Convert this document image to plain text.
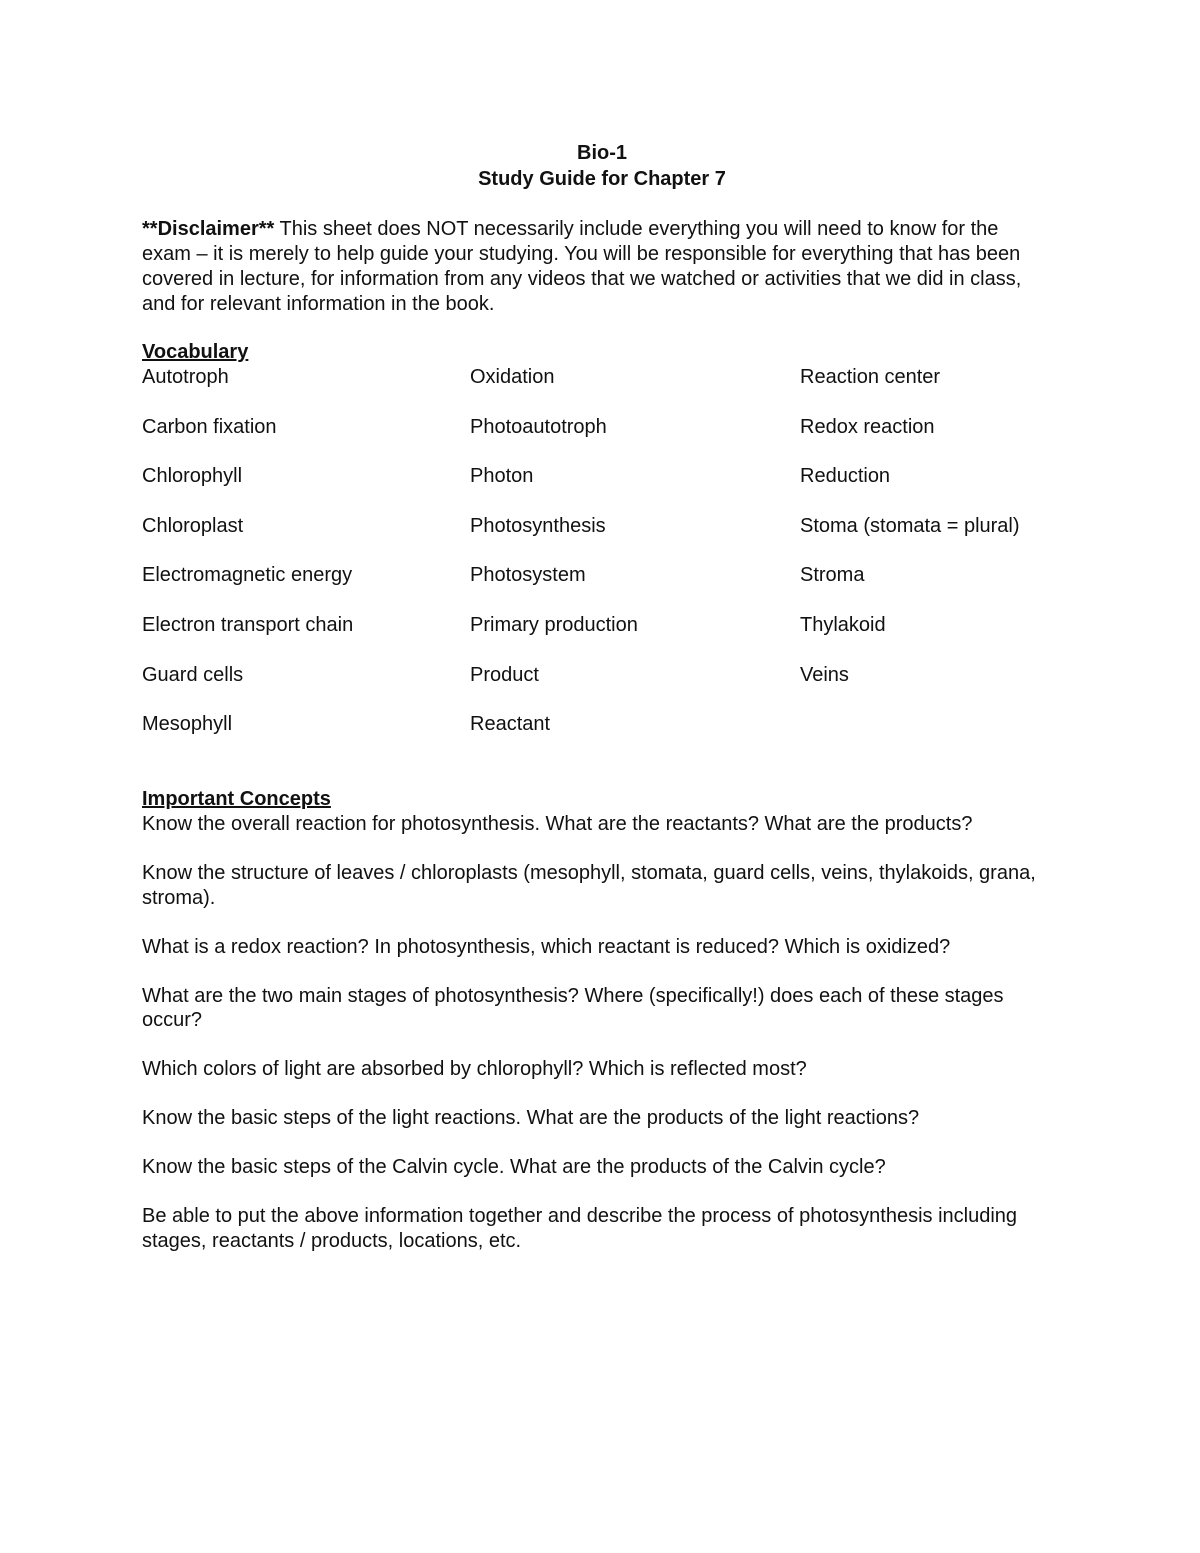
Bio-1
Study Guide for Chapter 7

**Disclaimer** This sheet does NOT necessarily include everything you will need to know for the exam – it is merely to help guide your studying. You will be responsible for everything that has been covered in lecture, for information from any videos that we watched or activities that we did in class, and for relevant information in the book.

Vocabulary
Autotroph	Oxidation	Reaction center
Carbon fixation	Photoautotroph	Redox reaction
Chlorophyll	Photon	Reduction
Chloroplast	Photosynthesis	Stoma (stomata = plural)
Electromagnetic energy	Photosystem	Stroma
Electron transport chain	Primary production	Thylakoid
Guard cells	Product	Veins
Mesophyll	Reactant
Important Concepts

Know the overall reaction for photosynthesis. What are the reactants? What are the products?

Know the structure of leaves / chloroplasts (mesophyll, stomata, guard cells, veins, thylakoids, grana, stroma).

What is a redox reaction? In photosynthesis, which reactant is reduced? Which is oxidized?

What are the two main stages of photosynthesis? Where (specifically!) does each of these stages occur?

Which colors of light are absorbed by chlorophyll? Which is reflected most?

Know the basic steps of the light reactions. What are the products of the light reactions?

Know the basic steps of the Calvin cycle. What are the products of the Calvin cycle?

Be able to put the above information together and describe the process of photosynthesis including stages, reactants / products, locations, etc.
